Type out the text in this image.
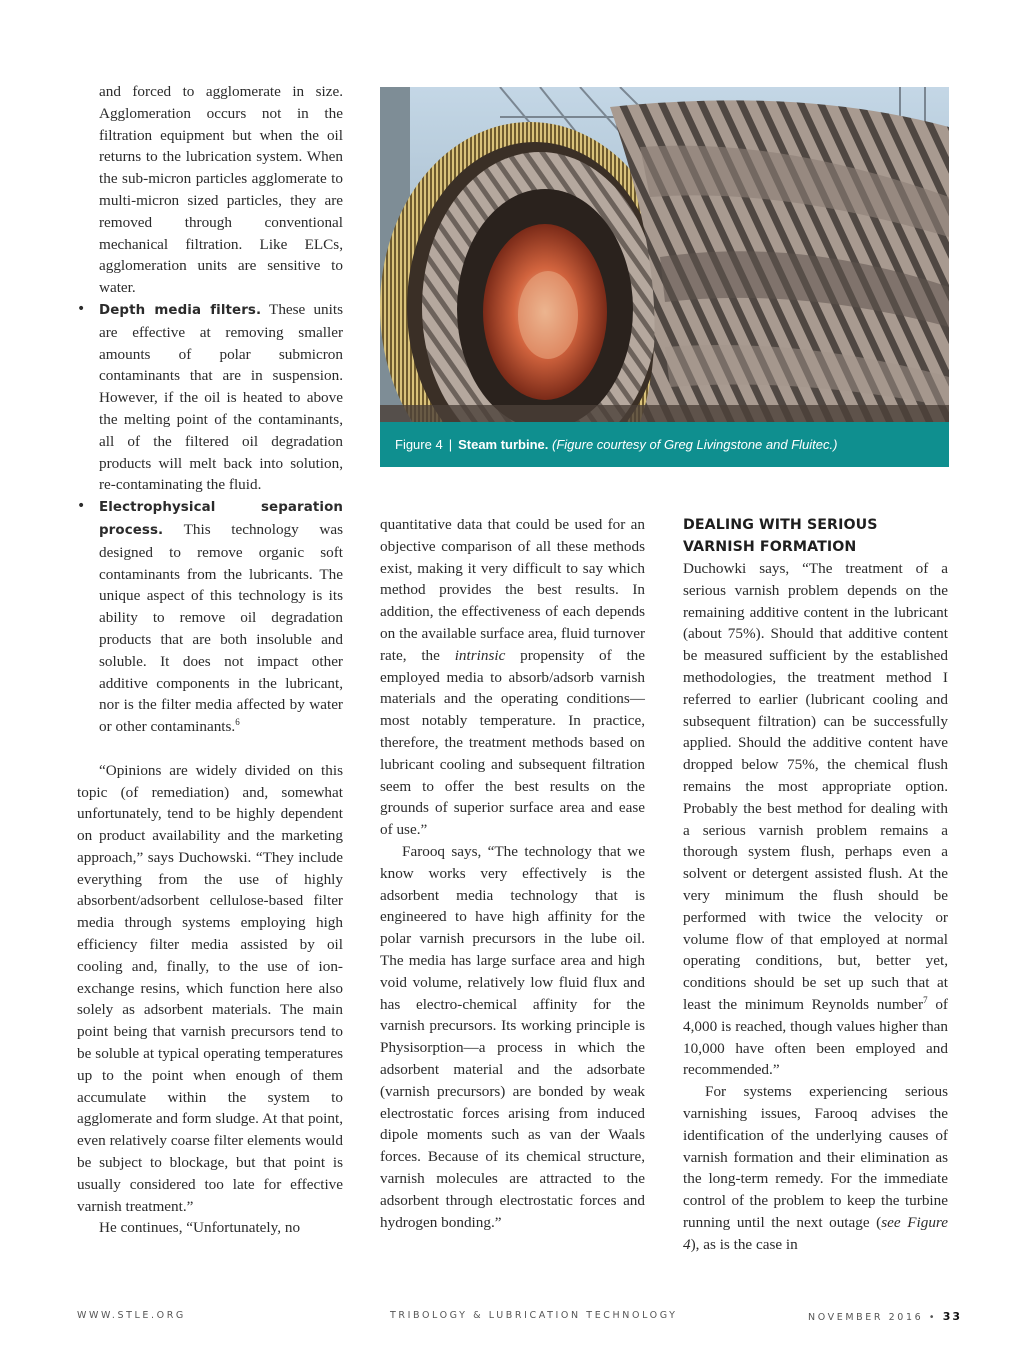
and forced to agglomerate in size. Agglomeration occurs not in the filtration equipment but when the oil returns to the lubrication system. When the sub-micron particles agglomerate to multi-micron sized particles, they are removed through conventional mechanical filtration. Like ELCs, agglomeration units are sensitive to water.

• Depth media filters. These units are effective at removing smaller amounts of polar submicron contaminants that are in suspension. However, if the oil is heated to above the melting point of the contaminants, all of the filtered oil degradation products will melt back into solution, re-contaminating the fluid.
• Electrophysical separation process. This technology was designed to remove organic soft contaminants from the lubricants. The unique aspect of this technology is its ability to remove oil degradation products that are both insoluble and soluble. It does not impact other additive components in the lubricant, nor is the filter media affected by water or other contaminants.$^6$

“Opinions are widely divided on this topic (of remediation) and, somewhat unfortunately, tend to be highly dependent on product availability and the marketing approach,” says Duchowski. “They include everything from the use of highly absorbent/adsorbent cellulose-based filter media through systems employing high efficiency filter media assisted by oil cooling and, finally, to the use of ion-exchange resins, which function here also solely as adsorbent materials. The main point being that varnish precursors tend to be soluble at typical operating temperatures up to the point when enough of them accumulate within the system to agglomerate and form sludge. At that point, even relatively coarse filter elements would be subject to blockage, but that point is usually considered too late for effective varnish treatment.”

He continues, “Unfortunately, no

Figure 4 | Steam turbine. (Figure courtesy of Greg Livingstone and Fluitec.)

quantitative data that could be used for an objective comparison of all these methods exist, making it very difficult to say which method provides the best results. In addition, the effectiveness of each depends on the available surface area, fluid turnover rate, the intrinsic propensity of the employed media to absorb/adsorb varnish materials and the operating conditions—most notably temperature. In practice, therefore, the treatment methods based on lubricant cooling and subsequent filtration seem to offer the best results on the grounds of superior surface area and ease of use.”

Farooq says, “The technology that we know works very effectively is the adsorbent media technology that is engineered to have high affinity for the polar varnish precursors in the lube oil. The media has large surface area and high void volume, relatively low fluid flux and has electro-chemical affinity for the varnish precursors. Its working principle is Physisorption—a process in which the adsorbent material and the adsorbate (varnish precursors) are bonded by weak electrostatic forces arising from induced dipole moments such as van der Waals forces. Because of its chemical structure, varnish molecules are attracted to the adsorbent through electrostatic forces and hydrogen bonding.”

DEALING WITH SERIOUS VARNISH FORMATION

Duchowki says, “The treatment of a serious varnish problem depends on the remaining additive content in the lubricant (about 75%). Should that additive content be measured sufficient by the established methodologies, the treatment method I referred to earlier (lubricant cooling and subsequent filtration) can be successfully applied. Should the additive content have dropped below 75%, the chemical flush remains the most appropriate option. Probably the best method for dealing with a serious varnish problem remains a thorough system flush, perhaps even a solvent or detergent assisted flush. At the very minimum the flush should be performed with twice the velocity or volume flow of that employed at normal operating conditions, but, better yet, conditions should be set up such that at least the minimum Reynolds number$^7$ of 4,000 is reached, though values higher than 10,000 have often been employed and recommended.”

For systems experiencing serious varnishing issues, Farooq advises the identification of the underlying causes of varnish formation and their elimination as the long-term remedy. For the immediate control of the problem to keep the turbine running until the next outage (see Figure 4), as is the case in

WWW.STLE.ORG	TRIBOLOGY & LUBRICATION TECHNOLOGY	NOVEMBER 2016 • 33
